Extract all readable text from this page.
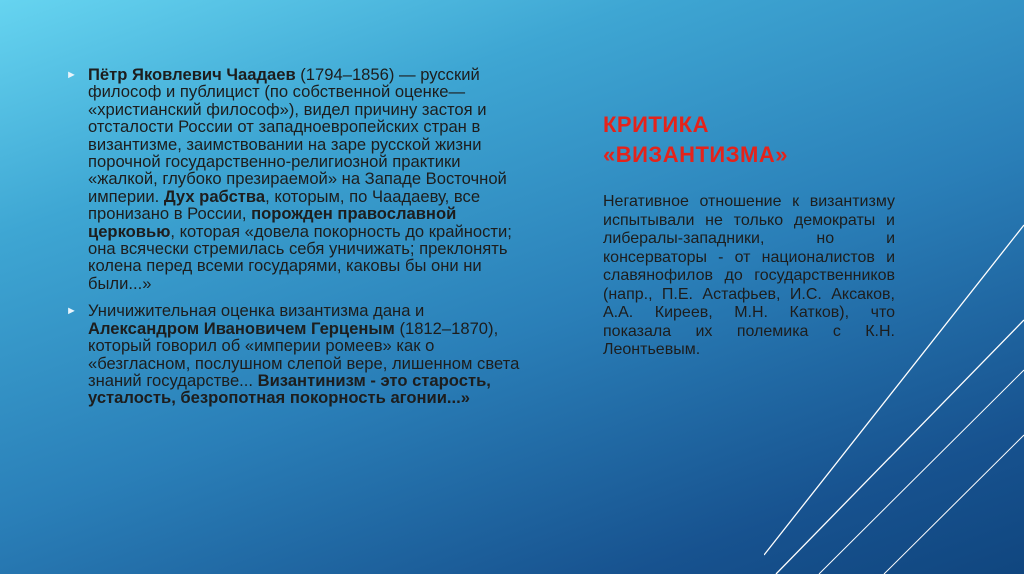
► Пётр Яковлевич Чаадаев (1794–1856) — русский философ и публицист (по собственной оценке— «христианский философ»), видел причину застоя и отсталости России от западноевропейских стран в византизме, заимствовании на заре русской жизни порочной государственно-религиозной практики «жалкой, глубоко презираемой» на Западе Восточной империи. Дух рабства, которым, по Чаадаеву, все пронизано в России, порожден православной церковью, которая «довела покорность до крайности; она всячески стремилась себя уничижать; преклонять колена перед всеми государями, каковы бы они ни были...»
► Уничижительная оценка византизма дана и Александром Ивановичем Герценым (1812–1870), который говорил об «империи ромеев» как о «безгласном, послушном слепой вере, лишенном света знаний государстве... Византинизм - это старость, усталость, безропотная покорность агонии...»
КРИТИКА
«ВИЗАНТИЗМА»
Негативное отношение к византизму испытывали не только демократы и либералы-западники, но и консерваторы - от националистов и славянофилов до государственников (напр., П.Е. Астафьев, И.С. Аксаков, А.А. Киреев, М.Н. Катков), что показала их полемика с К.Н. Леонтьевым.
